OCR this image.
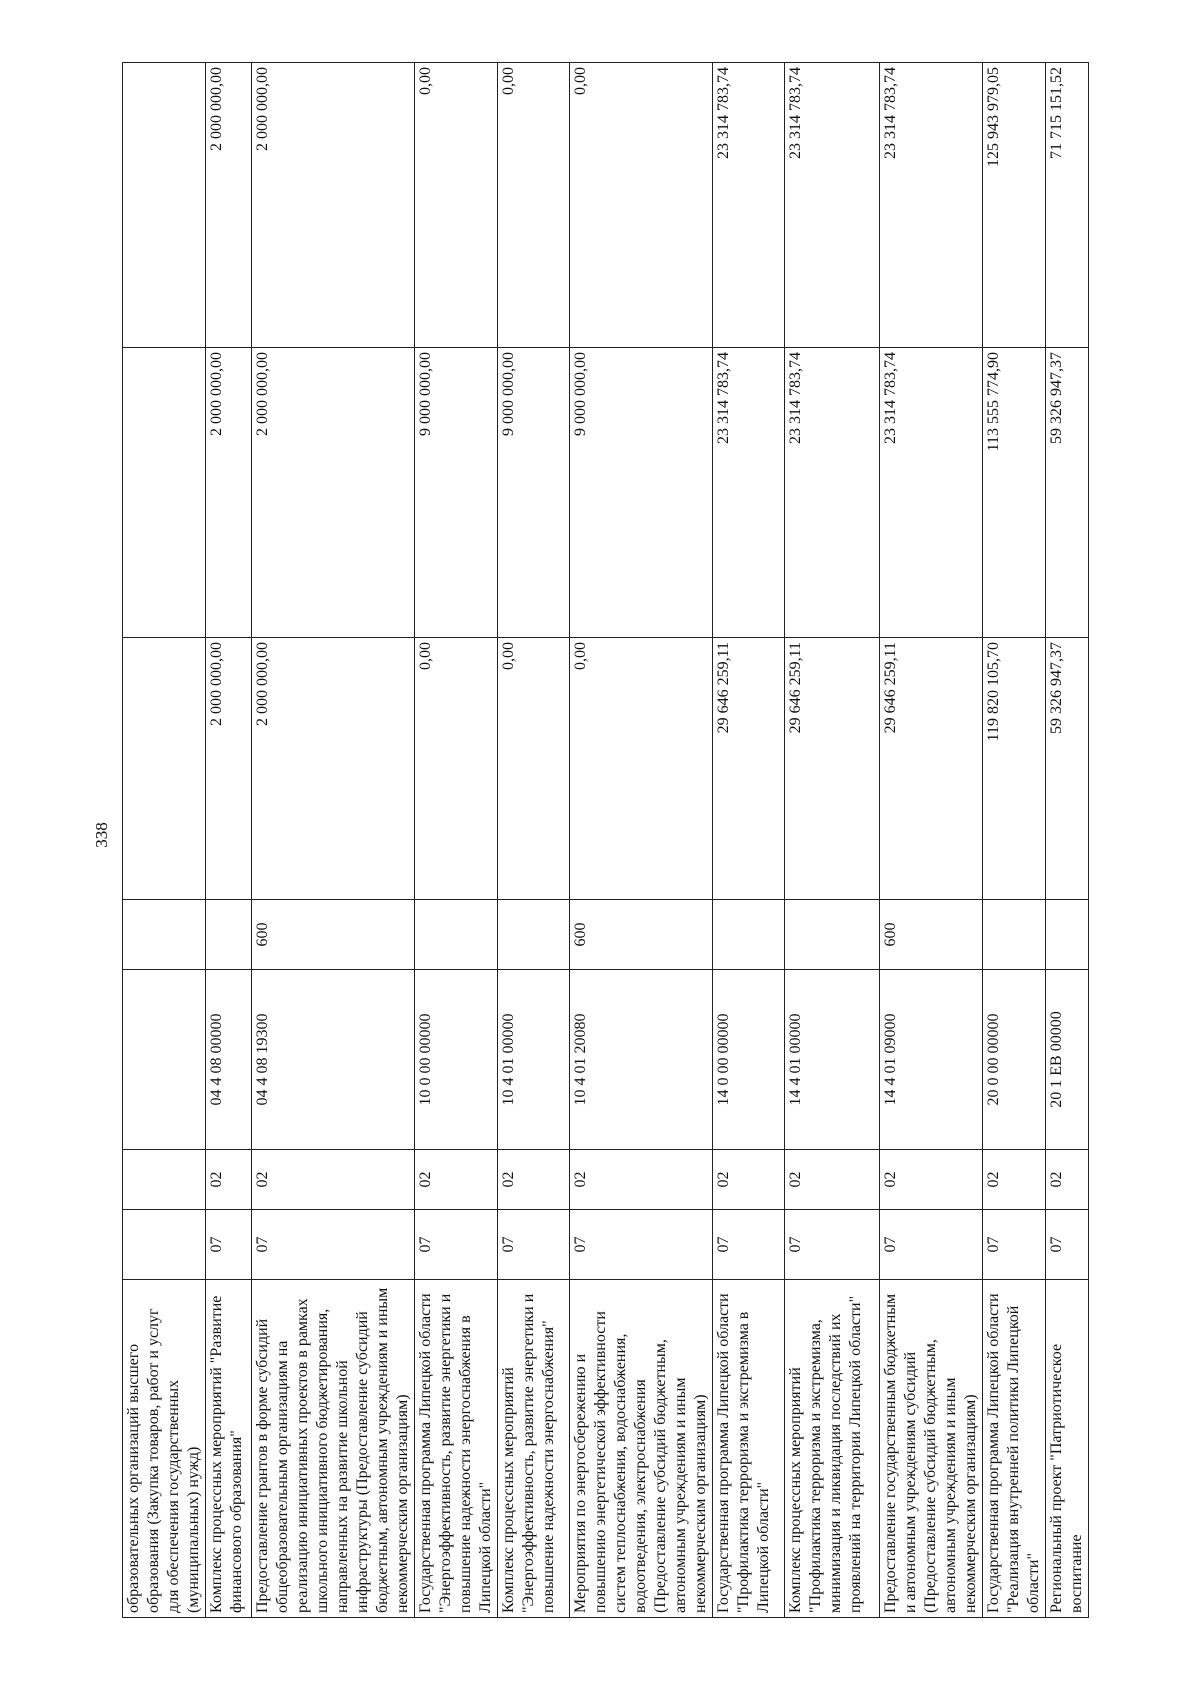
338
образовательных организаций высшего образования (Закупка товаров, работ и услуг для обеспечения государственных (муниципальных) нужд)							
Комплекс процессных мероприятий "Развитие финансового образования"	07	02	04 4 08 00000		2 000 000,00	2 000 000,00	2 000 000,00
Предоставление грантов в форме субсидий общеобразовательным организациям на реализацию инициативных проектов в рамках школьного инициативного бюджетирования, направленных на развитие школьной инфраструктуры (Предоставление субсидий бюджетным, автономным учреждениям и иным некоммерческим организациям)	07	02	04 4 08 19300	600	2 000 000,00	2 000 000,00	2 000 000,00
Государственная программа Липецкой области "Энергоэффективность, развитие энергетики и повышение надежности энергоснабжения в Липецкой области"	07	02	10 0 00 00000		0,00	9 000 000,00	0,00
Комплекс процессных мероприятий "Энергоэффективность, развитие энергетики и повышение надежности энергоснабжения"	07	02	10 4 01 00000		0,00	9 000 000,00	0,00
Мероприятия по энергосбережению и повышению энергетической эффективности систем теплоснабжения, водоснабжения, водоотведения, электроснабжения (Предоставление субсидий бюджетным, автономным учреждениям и иным некоммерческим организациям)	07	02	10 4 01 20080	600	0,00	9 000 000,00	0,00
Государственная программа Липецкой области "Профилактика терроризма и экстремизма в Липецкой области"	07	02	14 0 00 00000		29 646 259,11	23 314 783,74	23 314 783,74
Комплекс процессных мероприятий "Профилактика терроризма и экстремизма, минимизация и ликвидация последствий их проявлений на территории Липецкой области"	07	02	14 4 01 00000		29 646 259,11	23 314 783,74	23 314 783,74
Предоставление государственным бюджетным и автономным учреждениям субсидий (Предоставление субсидий бюджетным, автономным учреждениям и иным некоммерческим организациям)	07	02	14 4 01 09000	600	29 646 259,11	23 314 783,74	23 314 783,74
Государственная программа Липецкой области "Реализация внутренней политики Липецкой области"	07	02	20 0 00 00000		119 820 105,70	113 555 774,90	125 943 979,05
Региональный проект "Патриотическое воспитание	07	02	20 1 ЕВ 00000		59 326 947,37	59 326 947,37	71 715 151,52
